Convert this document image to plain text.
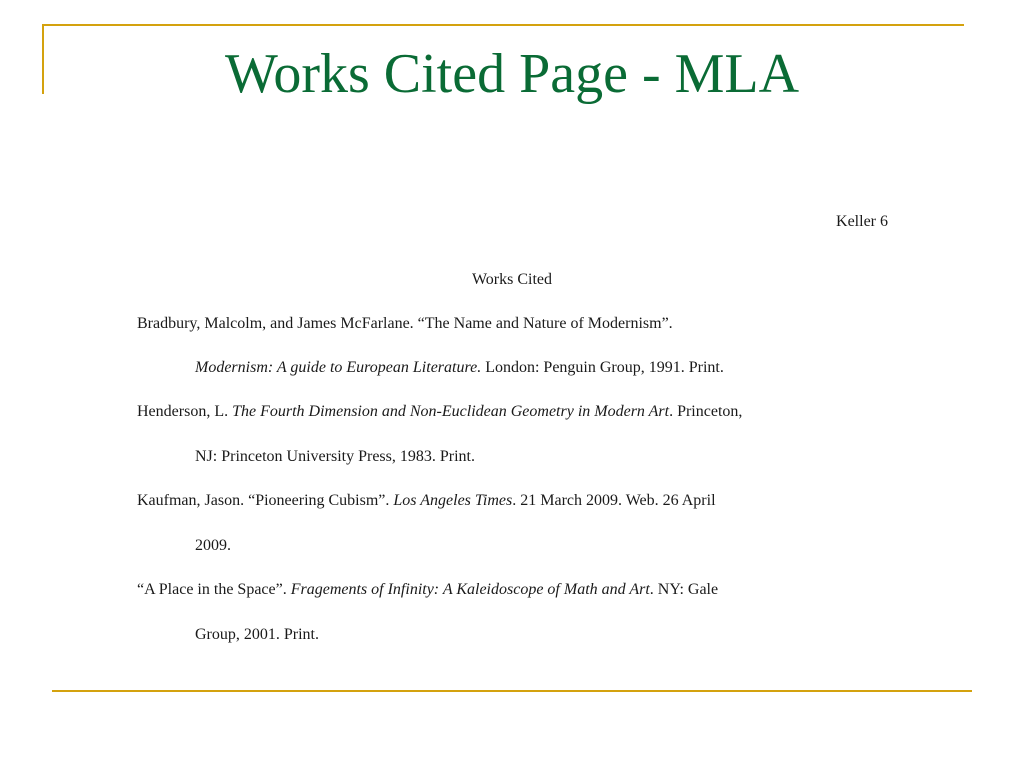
Works Cited Page - MLA
Keller 6
Works Cited
Bradbury, Malcolm, and James McFarlane. “The Name and Nature of Modernism”.
Modernism: A guide to European Literature. London: Penguin Group, 1991. Print.
Henderson, L. The Fourth Dimension and Non-Euclidean Geometry in Modern Art. Princeton,
NJ: Princeton University Press, 1983. Print.
Kaufman, Jason. “Pioneering Cubism”. Los Angeles Times. 21 March 2009. Web. 26 April
2009.
“A Place in the Space”. Fragements of Infinity: A Kaleidoscope of Math and Art. NY: Gale
Group, 2001. Print.
